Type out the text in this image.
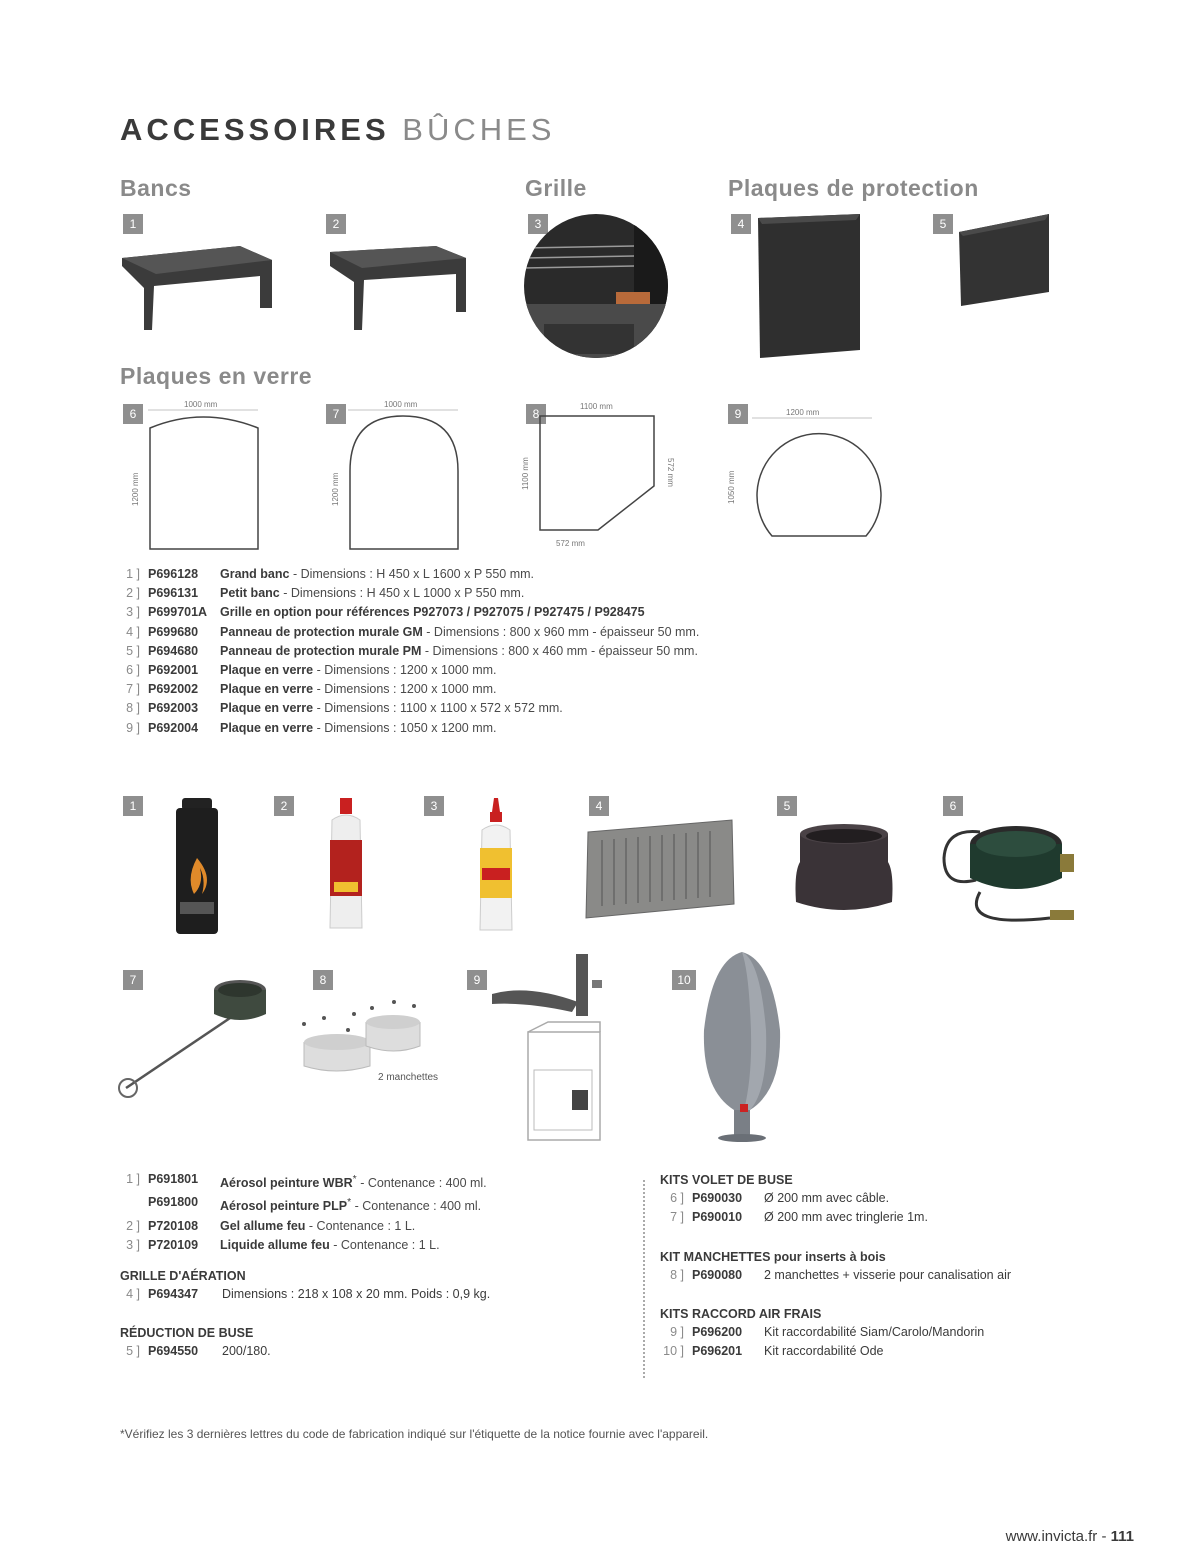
ACCESSOIRES BÛCHES
Bancs	Grille	Plaques de protection
Plaques en verre
1	2	3	4	5
6	7	8	9
1000 mm
1200 mm
1000 mm
1200 mm
1100 mm
1100 mm	572 mm
572 mm
1200 mm
1050 mm
1 ] P696128	Grand banc - Dimensions : H 450 x L 1600 x P 550 mm.
2 ] P696131	Petit banc - Dimensions : H 450 x L 1000 x P 550 mm.
3 ] P699701A	Grille en option pour références P927073 / P927075 / P927475 / P928475
4 ] P699680	Panneau de protection murale GM - Dimensions : 800 x 960 mm - épaisseur 50 mm.
5 ] P694680	Panneau de protection murale PM - Dimensions : 800 x 460 mm - épaisseur 50 mm.
6 ] P692001	Plaque en verre - Dimensions : 1200 x 1000 mm.
7 ] P692002	Plaque en verre - Dimensions : 1200 x 1000 mm.
8 ] P692003	Plaque en verre - Dimensions : 1100 x 1100 x 572 x 572 mm.
9 ] P692004	Plaque en verre - Dimensions : 1050 x 1200 mm.
1	2	3	4	5	6
7	8	9	10
2 manchettes
1 ] P691801	Aérosol peinture WBR* - Contenance : 400 ml.
P691800	Aérosol peinture PLP* - Contenance : 400 ml.
2 ] P720108	Gel allume feu - Contenance : 1 L.
3 ] P720109	Liquide allume feu - Contenance : 1 L.
GRILLE D'AÉRATION
4 ] P694347	Dimensions : 218 x 108 x 20 mm. Poids : 0,9 kg.
RÉDUCTION DE BUSE
5 ] P694550	200/180.
KITS VOLET DE BUSE
6 ] P690030	Ø 200 mm avec câble.
7 ] P690010	Ø 200 mm avec tringlerie 1m.
KIT MANCHETTES pour inserts à bois
8 ] P690080	2 manchettes + visserie pour canalisation air
KITS RACCORD AIR FRAIS
9 ] P696200	Kit raccordabilité Siam/Carolo/Mandorin
10 ] P696201	Kit raccordabilité Ode
*Vérifiez les 3 dernières lettres du code de fabrication indiqué sur l'étiquette de la notice fournie avec l'appareil.
www.invicta.fr - 111
